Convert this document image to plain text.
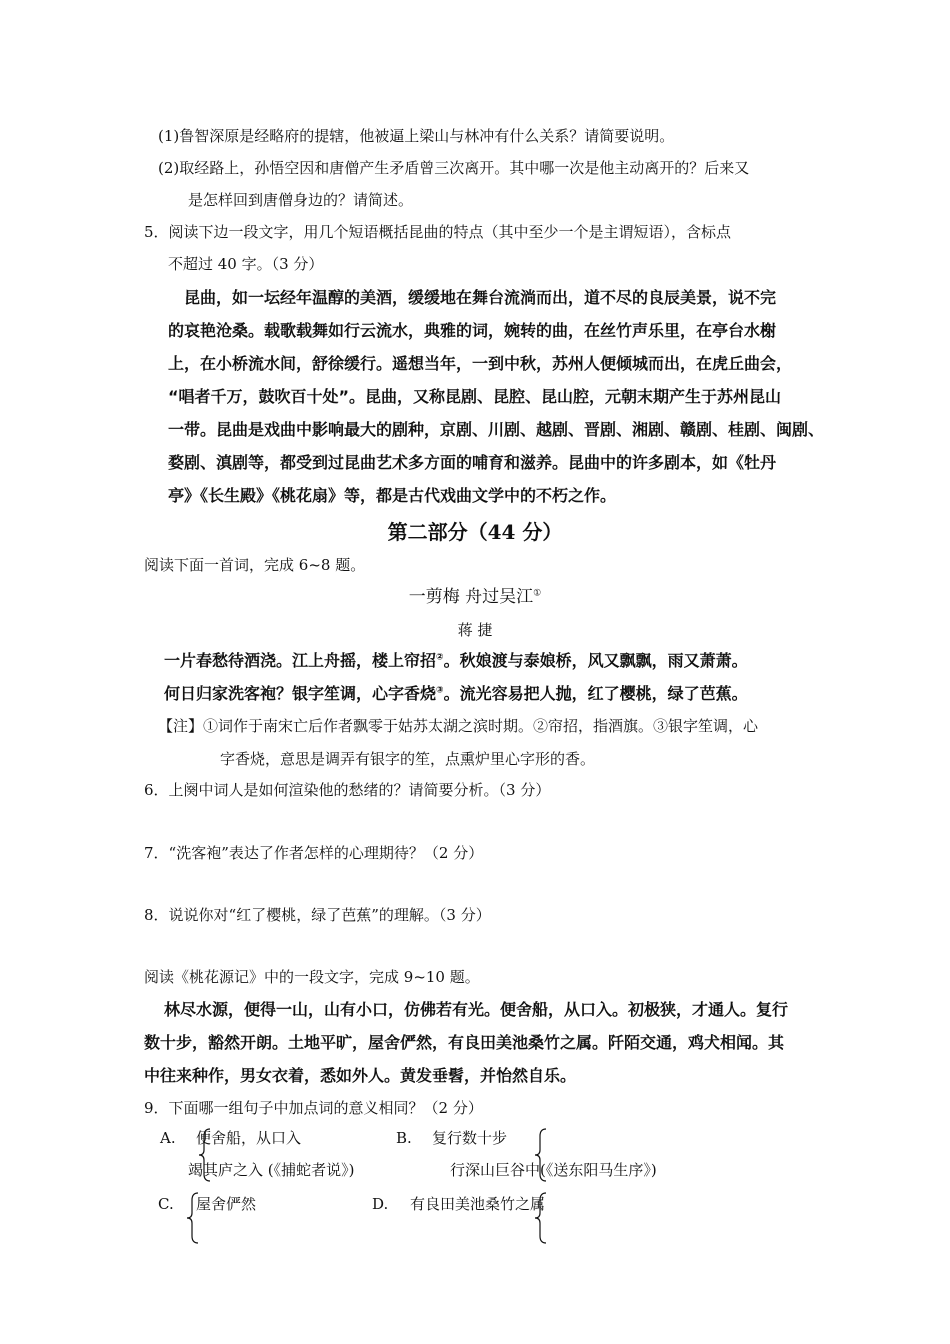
(1)鲁智深原是经略府的提辖，他被逼上梁山与林冲有什么关系？请简要说明。
(2)取经路上，孙悟空因和唐僧产生矛盾曾三次离开。其中哪一次是他主动离开的？后来又
是怎样回到唐僧身边的？请简述。
5．阅读下边一段文字，用几个短语概括昆曲的特点（其中至少一个是主谓短语），含标点
不超过 40 字。（3 分）
昆曲，如一坛经年温醇的美酒，缓缓地在舞台流淌而出，道不尽的良辰美景，说不完
的哀艳沧桑。载歌载舞如行云流水，典雅的词，婉转的曲，在丝竹声乐里，在亭台水榭
上，在小桥流水间，舒徐缓行。遥想当年，一到中秋，苏州人便倾城而出，在虎丘曲会，
“唱者千万，鼓吹百十处”。昆曲，又称昆剧、昆腔、昆山腔，元朝末期产生于苏州昆山
一带。昆曲是戏曲中影响最大的剧种，京剧、川剧、越剧、晋剧、湘剧、赣剧、桂剧、闽剧、
婺剧、滇剧等，都受到过昆曲艺术多方面的哺育和滋养。昆曲中的许多剧本，如《牡丹
亭》《长生殿》《桃花扇》等，都是古代戏曲文学中的不朽之作。
第二部分（44 分）
阅读下面一首词，完成 6~8 题。
一剪梅 舟过吴江①
蒋 捷
一片春愁待酒浇。江上舟摇，楼上帘招②。秋娘渡与泰娘桥，风又飘飘，雨又萧萧。
何日归家洗客袍？银字笙调，心字香烧③。流光容易把人抛，红了樱桃，绿了芭蕉。
【注】①词作于南宋亡后作者飘零于姑苏太湖之滨时期。②帘招，指酒旗。③银字笙调，心
字香烧，意思是调弄有银字的笙，点熏炉里心字形的香。
6．上阕中词人是如何渲染他的愁绪的？请简要分析。（3 分）
7．“洗客袍”表达了作者怎样的心理期待？（2 分）
8．说说你对“红了樱桃，绿了芭蕉”的理解。（3 分）
阅读《桃花源记》中的一段文字，完成 9~10 题。
林尽水源，便得一山，山有小口，仿佛若有光。便舍船，从口入。初极狭，才通人。复行
数十步，豁然开朗。土地平旷，屋舍俨然，有良田美池桑竹之属。阡陌交通，鸡犬相闻。其
中往来种作，男女衣着，悉如外人。黄发垂髫，并怡然自乐。
9．下面哪一组句子中加点词的意义相同？（2 分）
A. 便舍船，从口入
竭其庐之入 (《捕蛇者说》)
B. 复行数十步
行深山巨谷中(《送东阳马生序》)
C. 屋舍俨然	D. 有良田美池桑竹之属
